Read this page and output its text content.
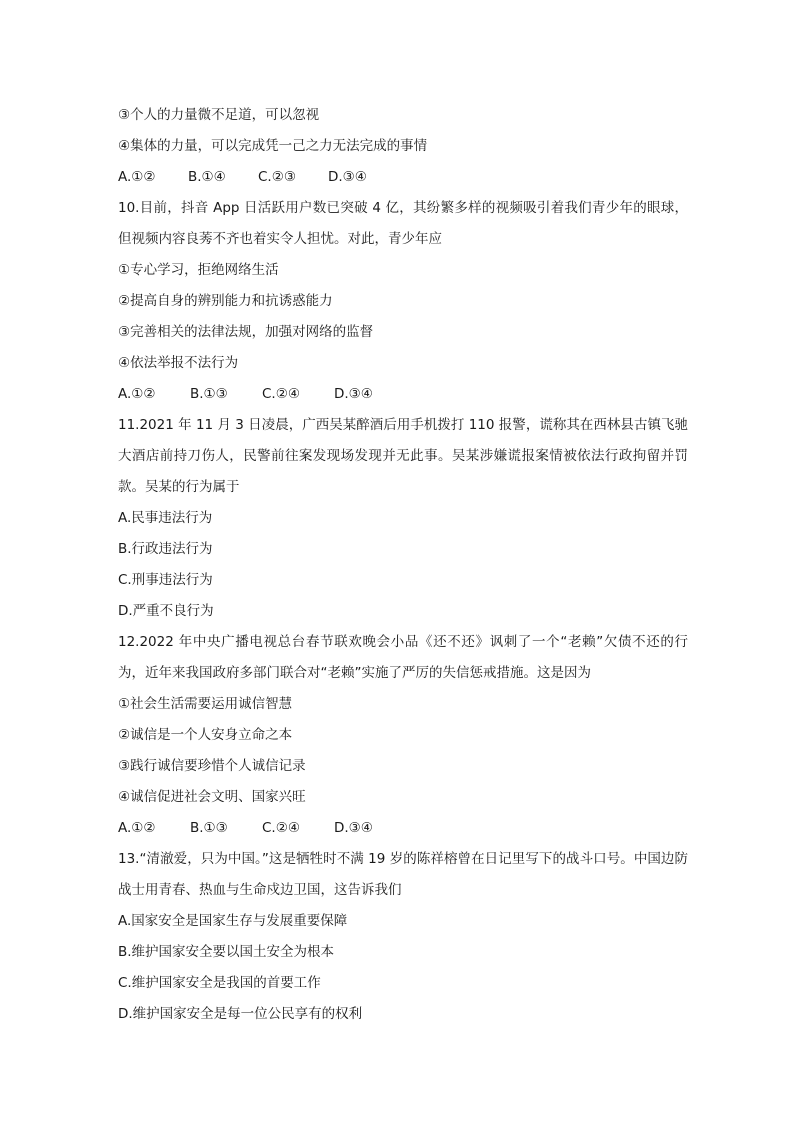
③个人的力量微不足道，可以忽视

④集体的力量，可以完成凭一己之力无法完成的事情

A.①②	B.①④	C.②③	D.③④

10.目前，抖音 App 日活跃用户数已突破 4 亿，其纷繁多样的视频吸引着我们青少年的眼球，但视频内容良莠不齐也着实令人担忧。对此，青少年应

①专心学习，拒绝网络生活

②提高自身的辨别能力和抗诱惑能力

③完善相关的法律法规，加强对网络的监督

④依法举报不法行为

A.①②	B.①③	C.②④	D.③④

11.2021 年 11 月 3 日凌晨，广西吴某醉酒后用手机拨打 110 报警，谎称其在西林县古镇飞驰大酒店前持刀伤人，民警前往案发现场发现并无此事。吴某涉嫌谎报案情被依法行政拘留并罚款。吴某的行为属于

A.民事违法行为

B.行政违法行为

C.刑事违法行为

D.严重不良行为

12.2022 年中央广播电视总台春节联欢晚会小品《还不还》讽刺了一个“老赖”欠债不还的行为，近年来我国政府多部门联合对“老赖”实施了严厉的失信惩戒措施。这是因为

①社会生活需要运用诚信智慧

②诚信是一个人安身立命之本

③践行诚信要珍惜个人诚信记录

④诚信促进社会文明、国家兴旺

A.①②	B.①③	C.②④	D.③④

13.“清澈爱，只为中国。”这是牺牲时不满 19 岁的陈祥榕曾在日记里写下的战斗口号。中国边防战士用青春、热血与生命戍边卫国，这告诉我们

A.国家安全是国家生存与发展重要保障

B.维护国家安全要以国土安全为根本

C.维护国家安全是我国的首要工作

D.维护国家安全是每一位公民享有的权利
